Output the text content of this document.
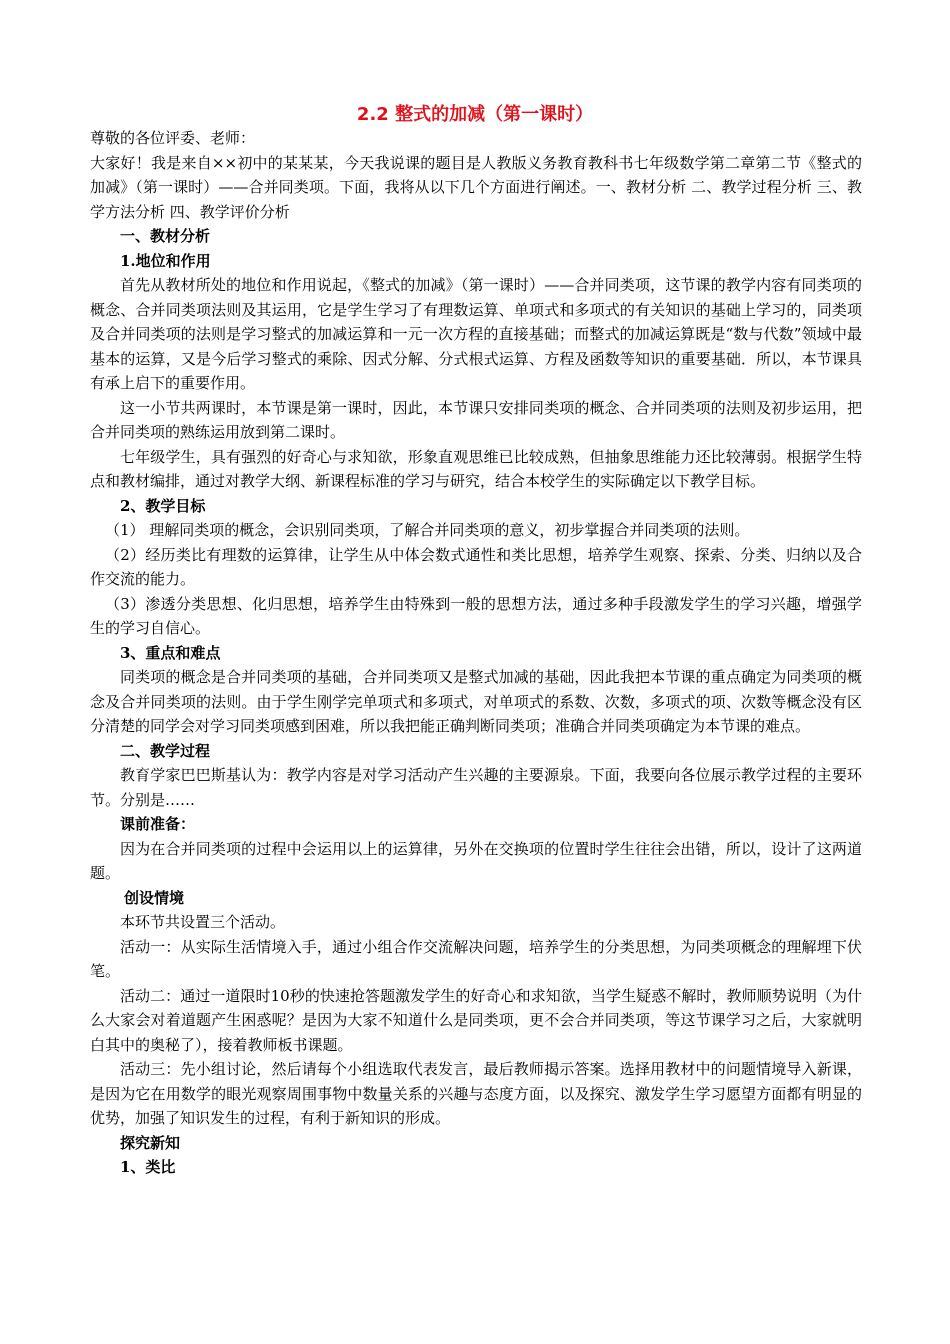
2.2 整式的加减（第一课时）

尊敬的各位评委、老师：

大家好！我是来自××初中的某某某，今天我说课的题目是人教版义务教育教科书七年级数学第二章第二节《整式的加减》（第一课时）——合并同类项。下面，我将从以下几个方面进行阐述。一、教材分析 二、教学过程分析 三、教学方法分析 四、教学评价分析

一、教材分析

1.地位和作用

首先从教材所处的地位和作用说起，《整式的加减》（第一课时）——合并同类项，这节课的教学内容有同类项的概念、合并同类项法则及其运用，它是学生学习了有理数运算、单项式和多项式的有关知识的基础上学习的，同类项及合并同类项的法则是学习整式的加减运算和一元一次方程的直接基础；而整式的加减运算既是“数与代数”领域中最基本的运算，又是今后学习整式的乘除、因式分解、分式根式运算、方程及函数等知识的重要基础．所以，本节课具有承上启下的重要作用。

这一小节共两课时，本节课是第一课时，因此，本节课只安排同类项的概念、合并同类项的法则及初步运用，把合并同类项的熟练运用放到第二课时。

七年级学生，具有强烈的好奇心与求知欲，形象直观思维已比较成熟，但抽象思维能力还比较薄弱。根据学生特点和教材编排，通过对教学大纲、新课程标准的学习与研究，结合本校学生的实际确定以下教学目标。

2、教学目标

（1） 理解同类项的概念，会识别同类项，了解合并同类项的意义，初步掌握合并同类项的法则。

（2）经历类比有理数的运算律，让学生从中体会数式通性和类比思想，培养学生观察、探索、分类、归纳以及合作交流的能力。

（3）渗透分类思想、化归思想，培养学生由特殊到一般的思想方法，通过多种手段激发学生的学习兴趣，增强学生的学习自信心。

3、重点和难点

同类项的概念是合并同类项的基础，合并同类项又是整式加减的基础，因此我把本节课的重点确定为同类项的概念及合并同类项的法则。由于学生刚学完单项式和多项式，对单项式的系数、次数，多项式的项、次数等概念没有区分清楚的同学会对学习同类项感到困难，所以我把能正确判断同类项；准确合并同类项确定为本节课的难点。

二、教学过程

教育学家巴巴斯基认为：教学内容是对学习活动产生兴趣的主要源泉。下面，我要向各位展示教学过程的主要环节。分别是……

课前准备：

因为在合并同类项的过程中会运用以上的运算律，另外在交换项的位置时学生往往会出错，所以，设计了这两道题。

创设情境

本环节共设置三个活动。

活动一：从实际生活情境入手，通过小组合作交流解决问题，培养学生的分类思想，为同类项概念的理解埋下伏笔。

活动二：通过一道限时10秒的快速抢答题激发学生的好奇心和求知欲，当学生疑惑不解时，教师顺势说明（为什么大家会对着道题产生困惑呢？是因为大家不知道什么是同类项，更不会合并同类项，等这节课学习之后，大家就明白其中的奥秘了），接着教师板书课题。

活动三：先小组讨论，然后请每个小组选取代表发言，最后教师揭示答案。选择用教材中的问题情境导入新课，是因为它在用数学的眼光观察周围事物中数量关系的兴趣与态度方面，以及探究、激发学生学习愿望方面都有明显的优势，加强了知识发生的过程，有利于新知识的形成。

探究新知

1、类比
